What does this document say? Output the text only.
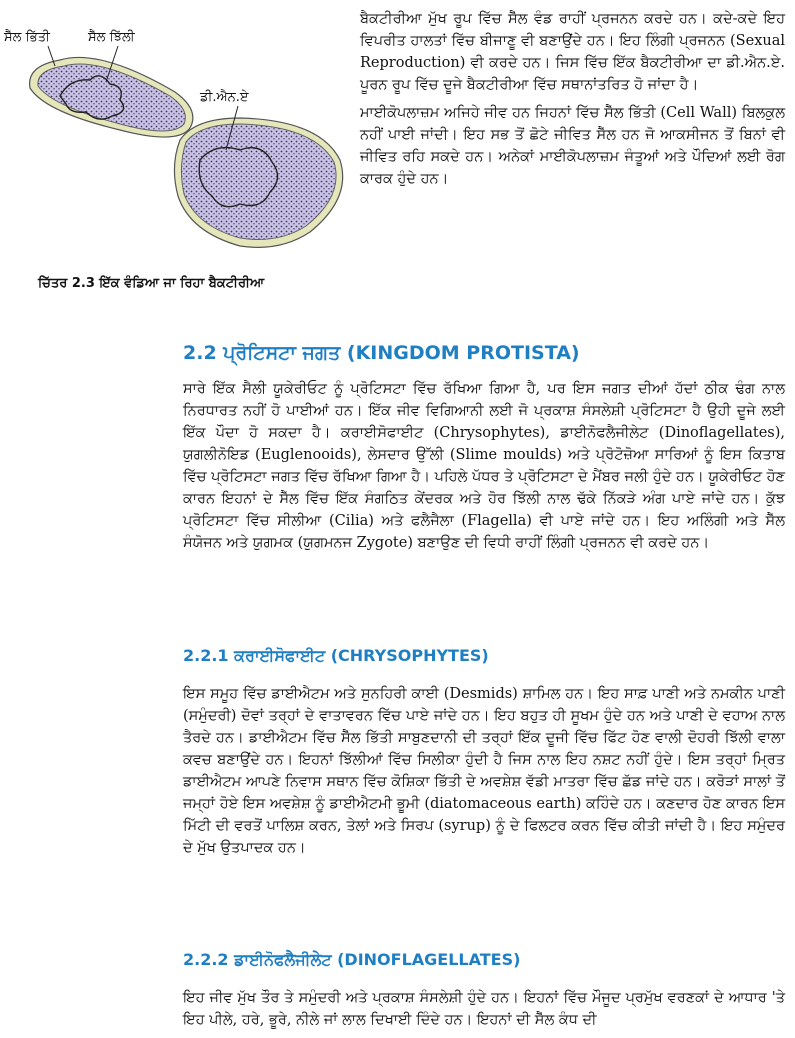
ਸੈੱਲ ਭਿੱਤੀ	ਸੈੱਲ ਝਿੱਲੀ
ਡੀ.ਐਨ.ਏ
ਚਿੱਤਰ 2.3 ਇੱਕ ਵੰਡਿਆ ਜਾ ਰਿਹਾ ਬੈਕਟੀਰੀਆ

ਬੈਕਟੀਰੀਆ ਮੁੱਖ ਰੂਪ ਵਿੱਚ ਸੈੱਲ ਵੰਡ ਰਾਹੀਂ ਪ੍ਰਜਨਨ ਕਰਦੇ ਹਨ। ਕਦੇ-ਕਦੇ ਇਹ ਵਿਪਰੀਤ ਹਾਲਤਾਂ ਵਿੱਚ ਬੀਜਾਣੂ ਵੀ ਬਣਾਉਂਦੇ ਹਨ। ਇਹ ਲਿੰਗੀ ਪ੍ਰਜਨਨ (Sexual Reproduction) ਵੀ ਕਰਦੇ ਹਨ। ਜਿਸ ਵਿੱਚ ਇੱਕ ਬੈਕਟੀਰੀਆ ਦਾ ਡੀ.ਐਨ.ਏ. ਪੂਰਨ ਰੂਪ ਵਿੱਚ ਦੂਜੇ ਬੈਕਟੀਰੀਆ ਵਿੱਚ ਸਥਾਨਾਂਤਰਿਤ ਹੋ ਜਾਂਦਾ ਹੈ।

ਮਾਈਕੋਪਲਾਜ਼ਮ ਅਜਿਹੇ ਜੀਵ ਹਨ ਜਿਹਨਾਂ ਵਿੱਚ ਸੈੱਲ ਭਿੱਤੀ (Cell Wall) ਬਿਲਕੁਲ ਨਹੀਂ ਪਾਈ ਜਾਂਦੀ। ਇਹ ਸਭ ਤੋਂ ਛੋਟੇ ਜੀਵਿਤ ਸੈੱਲ ਹਨ ਜੋ ਆਕਸੀਜਨ ਤੋਂ ਬਿਨਾਂ ਵੀ ਜੀਵਿਤ ਰਹਿ ਸਕਦੇ ਹਨ। ਅਨੇਕਾਂ ਮਾਈਕੋਪਲਾਜ਼ਮ ਜੰਤੂਆਂ ਅਤੇ ਪੌਦਿਆਂ ਲਈ ਰੋਗ ਕਾਰਕ ਹੁੰਦੇ ਹਨ।

2.2 ਪ੍ਰੋਟਿਸਟਾ ਜਗਤ (KINGDOM PROTISTA)

ਸਾਰੇ ਇੱਕ ਸੈਲੀ ਯੂਕੇਰੀਓਟ ਨੂੰ ਪ੍ਰੋਟਿਸਟਾ ਵਿੱਚ ਰੱਖਿਆ ਗਿਆ ਹੈ, ਪਰ ਇਸ ਜਗਤ ਦੀਆਂ ਹੱਦਾਂ ਠੀਕ ਢੰਗ ਨਾਲ ਨਿਰਧਾਰਤ ਨਹੀਂ ਹੋ ਪਾਈਆਂ ਹਨ। ਇੱਕ ਜੀਵ ਵਿਗਿਆਨੀ ਲਈ ਜੋ ਪ੍ਰਕਾਸ਼ ਸੰਸਲੇਸ਼ੀ ਪ੍ਰੋਟਿਸਟਾ ਹੈ ਉਹੀ ਦੂਜੇ ਲਈ ਇੱਕ ਪੌਦਾ ਹੋ ਸਕਦਾ ਹੈ। ਕਰਾਈਸੋਫਾਈਟ (Chrysophytes), ਡਾਈਨੋਫਲੈਜੀਲੇਟ (Dinoflagellates), ਯੁਗਲੀਨੋਇਡ (Euglenooids), ਲੇਸਦਾਰ ਉੱਲੀ (Slime moulds) ਅਤੇ ਪ੍ਰੋਟੋਜ਼ੋਆ ਸਾਰਿਆਂ ਨੂੰ ਇਸ ਕਿਤਾਬ ਵਿੱਚ ਪ੍ਰੋਟਿਸਟਾ ਜਗਤ ਵਿੱਚ ਰੱਖਿਆ ਗਿਆ ਹੈ। ਪਹਿਲੇ ਪੱਧਰ ਤੇ ਪ੍ਰੋਟਿਸਟਾ ਦੇ ਮੈਂਬਰ ਜਲੀ ਹੁੰਦੇ ਹਨ। ਯੂਕੇਰੀਓਟ ਹੋਣ ਕਾਰਨ ਇਹਨਾਂ ਦੇ ਸੈੱਲ ਵਿੱਚ ਇੱਕ ਸੰਗਠਿਤ ਕੇਂਦਰਕ ਅਤੇ ਹੋਰ ਝਿੱਲੀ ਨਾਲ ਢੱਕੇ ਨਿੱਕੜੇ ਅੰਗ ਪਾਏ ਜਾਂਦੇ ਹਨ। ਕੁੱਝ ਪ੍ਰੋਟਿਸਟਾ ਵਿੱਚ ਸੀਲੀਆ (Cilia) ਅਤੇ ਫਲੈਜੈਲਾ (Flagella) ਵੀ ਪਾਏ ਜਾਂਦੇ ਹਨ। ਇਹ ਅਲਿੰਗੀ ਅਤੇ ਸੈੱਲ ਸੰਯੋਜਨ ਅਤੇ ਯੁਗਮਕ (ਯੁਗਮਨਜ Zygote) ਬਣਾਉਣ ਦੀ ਵਿਧੀ ਰਾਹੀਂ ਲਿੰਗੀ ਪ੍ਰਜਨਨ ਵੀ ਕਰਦੇ ਹਨ।

2.2.1 ਕਰਾਈਸੋਫਾਈਟ (CHRYSOPHYTES)

ਇਸ ਸਮੂਹ ਵਿੱਚ ਡਾਈਐਟਮ ਅਤੇ ਸੁਨਹਿਰੀ ਕਾਈ (Desmids) ਸ਼ਾਮਿਲ ਹਨ। ਇਹ ਸਾਫ਼ ਪਾਣੀ ਅਤੇ ਨਮਕੀਨ ਪਾਣੀ (ਸਮੁੰਦਰੀ) ਦੋਵਾਂ ਤਰ੍ਹਾਂ ਦੇ ਵਾਤਾਵਰਨ ਵਿੱਚ ਪਾਏ ਜਾਂਦੇ ਹਨ। ਇਹ ਬਹੁਤ ਹੀ ਸੂਖਮ ਹੁੰਦੇ ਹਨ ਅਤੇ ਪਾਣੀ ਦੇ ਵਹਾਅ ਨਾਲ ਤੈਰਦੇ ਹਨ। ਡਾਈਐਟਮ ਵਿੱਚ ਸੈੱਲ ਭਿੱਤੀ ਸਾਬੁਣਦਾਨੀ ਦੀ ਤਰ੍ਹਾਂ ਇੱਕ ਦੂਜੀ ਵਿੱਚ ਫਿੱਟ ਹੋਣ ਵਾਲੀ ਦੋਹਰੀ ਝਿੱਲੀ ਵਾਲਾ ਕਵਚ ਬਣਾਉਂਦੇ ਹਨ। ਇਹਨਾਂ ਝਿੱਲੀਆਂ ਵਿੱਚ ਸਿਲੀਕਾ ਹੁੰਦੀ ਹੈ ਜਿਸ ਨਾਲ ਇਹ ਨਸ਼ਟ ਨਹੀਂ ਹੁੰਦੇ। ਇਸ ਤਰ੍ਹਾਂ ਮ੍ਰਿਤ ਡਾਈਐਟਮ ਆਪਣੇ ਨਿਵਾਸ ਸਥਾਨ ਵਿੱਚ ਕੋਸ਼ਿਕਾ ਭਿੱਤੀ ਦੇ ਅਵਸ਼ੇਸ਼ ਵੱਡੀ ਮਾਤਰਾ ਵਿੱਚ ਛੱਡ ਜਾਂਦੇ ਹਨ। ਕਰੋੜਾਂ ਸਾਲਾਂ ਤੋਂ ਜਮ੍ਹਾਂ ਹੋਏ ਇਸ ਅਵਸ਼ੇਸ਼ ਨੂੰ ਡਾਈਐਟਮੀ ਭੂਮੀ (diatomaceous earth) ਕਹਿੰਦੇ ਹਨ। ਕਣਦਾਰ ਹੋਣ ਕਾਰਨ ਇਸ ਮਿੱਟੀ ਦੀ ਵਰਤੋਂ ਪਾਲਿਸ਼ ਕਰਨ, ਤੇਲਾਂ ਅਤੇ ਸਿਰਪ (syrup) ਨੂੰ ਦੇ ਫਿਲਟਰ ਕਰਨ ਵਿੱਚ ਕੀਤੀ ਜਾਂਦੀ ਹੈ। ਇਹ ਸਮੁੰਦਰ ਦੇ ਮੁੱਖ ਉਤਪਾਦਕ ਹਨ।

2.2.2 ਡਾਈਨੋਫਲੈਜੀਲੇਟ (DINOFLAGELLATES)

ਇਹ ਜੀਵ ਮੁੱਖ ਤੌਰ ਤੇ ਸਮੁੰਦਰੀ ਅਤੇ ਪ੍ਰਕਾਸ਼ ਸੰਸਲੇਸ਼ੀ ਹੁੰਦੇ ਹਨ। ਇਹਨਾਂ ਵਿੱਚ ਮੌਜੂਦ ਪ੍ਰਮੁੱਖ ਵਰਣਕਾਂ ਦੇ ਆਧਾਰ 'ਤੇ ਇਹ ਪੀਲੇ, ਹਰੇ, ਭੂਰੇ, ਨੀਲੇ ਜਾਂ ਲਾਲ ਦਿਖਾਈ ਦਿੰਦੇ ਹਨ। ਇਹਨਾਂ ਦੀ ਸੈੱਲ ਕੰਧ ਦੀ
